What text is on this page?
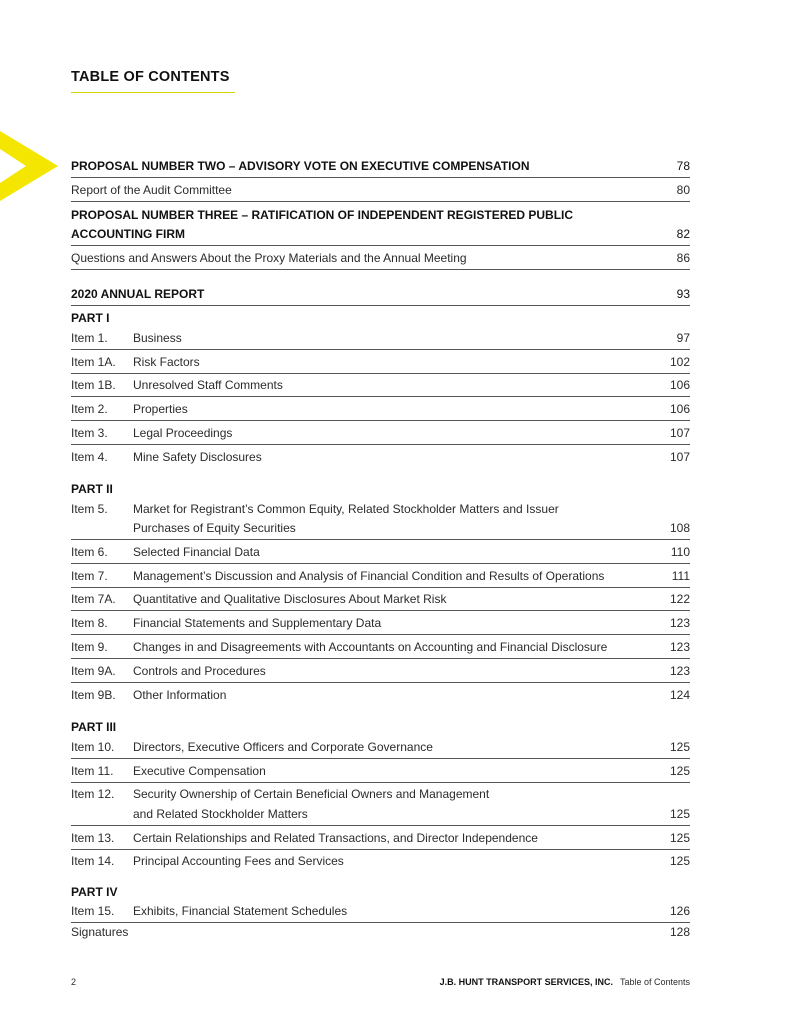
TABLE OF CONTENTS
PROPOSAL NUMBER TWO – ADVISORY VOTE ON EXECUTIVE COMPENSATION	78
Report of the Audit Committee	80
PROPOSAL NUMBER THREE – RATIFICATION OF INDEPENDENT REGISTERED PUBLIC
ACCOUNTING FIRM	82
Questions and Answers About the Proxy Materials and the Annual Meeting	86
2020 ANNUAL REPORT	93
PART I
Item 1. Business	97
Item 1A. Risk Factors	102
Item 1B. Unresolved Staff Comments	106
Item 2. Properties	106
Item 3. Legal Proceedings	107
Item 4. Mine Safety Disclosures	107
PART II
Item 5. Market for Registrant’s Common Equity, Related Stockholder Matters and Issuer
Purchases of Equity Securities	108
Item 6. Selected Financial Data	110
Item 7. Management’s Discussion and Analysis of Financial Condition and Results of Operations	111
Item 7A. Quantitative and Qualitative Disclosures About Market Risk	122
Item 8. Financial Statements and Supplementary Data	123
Item 9. Changes in and Disagreements with Accountants on Accounting and Financial Disclosure	123
Item 9A. Controls and Procedures	123
Item 9B. Other Information	124
PART III
Item 10. Directors, Executive Officers and Corporate Governance	125
Item 11. Executive Compensation	125
Item 12. Security Ownership of Certain Beneficial Owners and Management
and Related Stockholder Matters	125
Item 13. Certain Relationships and Related Transactions, and Director Independence	125
Item 14. Principal Accounting Fees and Services	125
PART IV
Item 15. Exhibits, Financial Statement Schedules	126
Signatures	128
2	J.B. HUNT TRANSPORT SERVICES, INC. Table of Contents
